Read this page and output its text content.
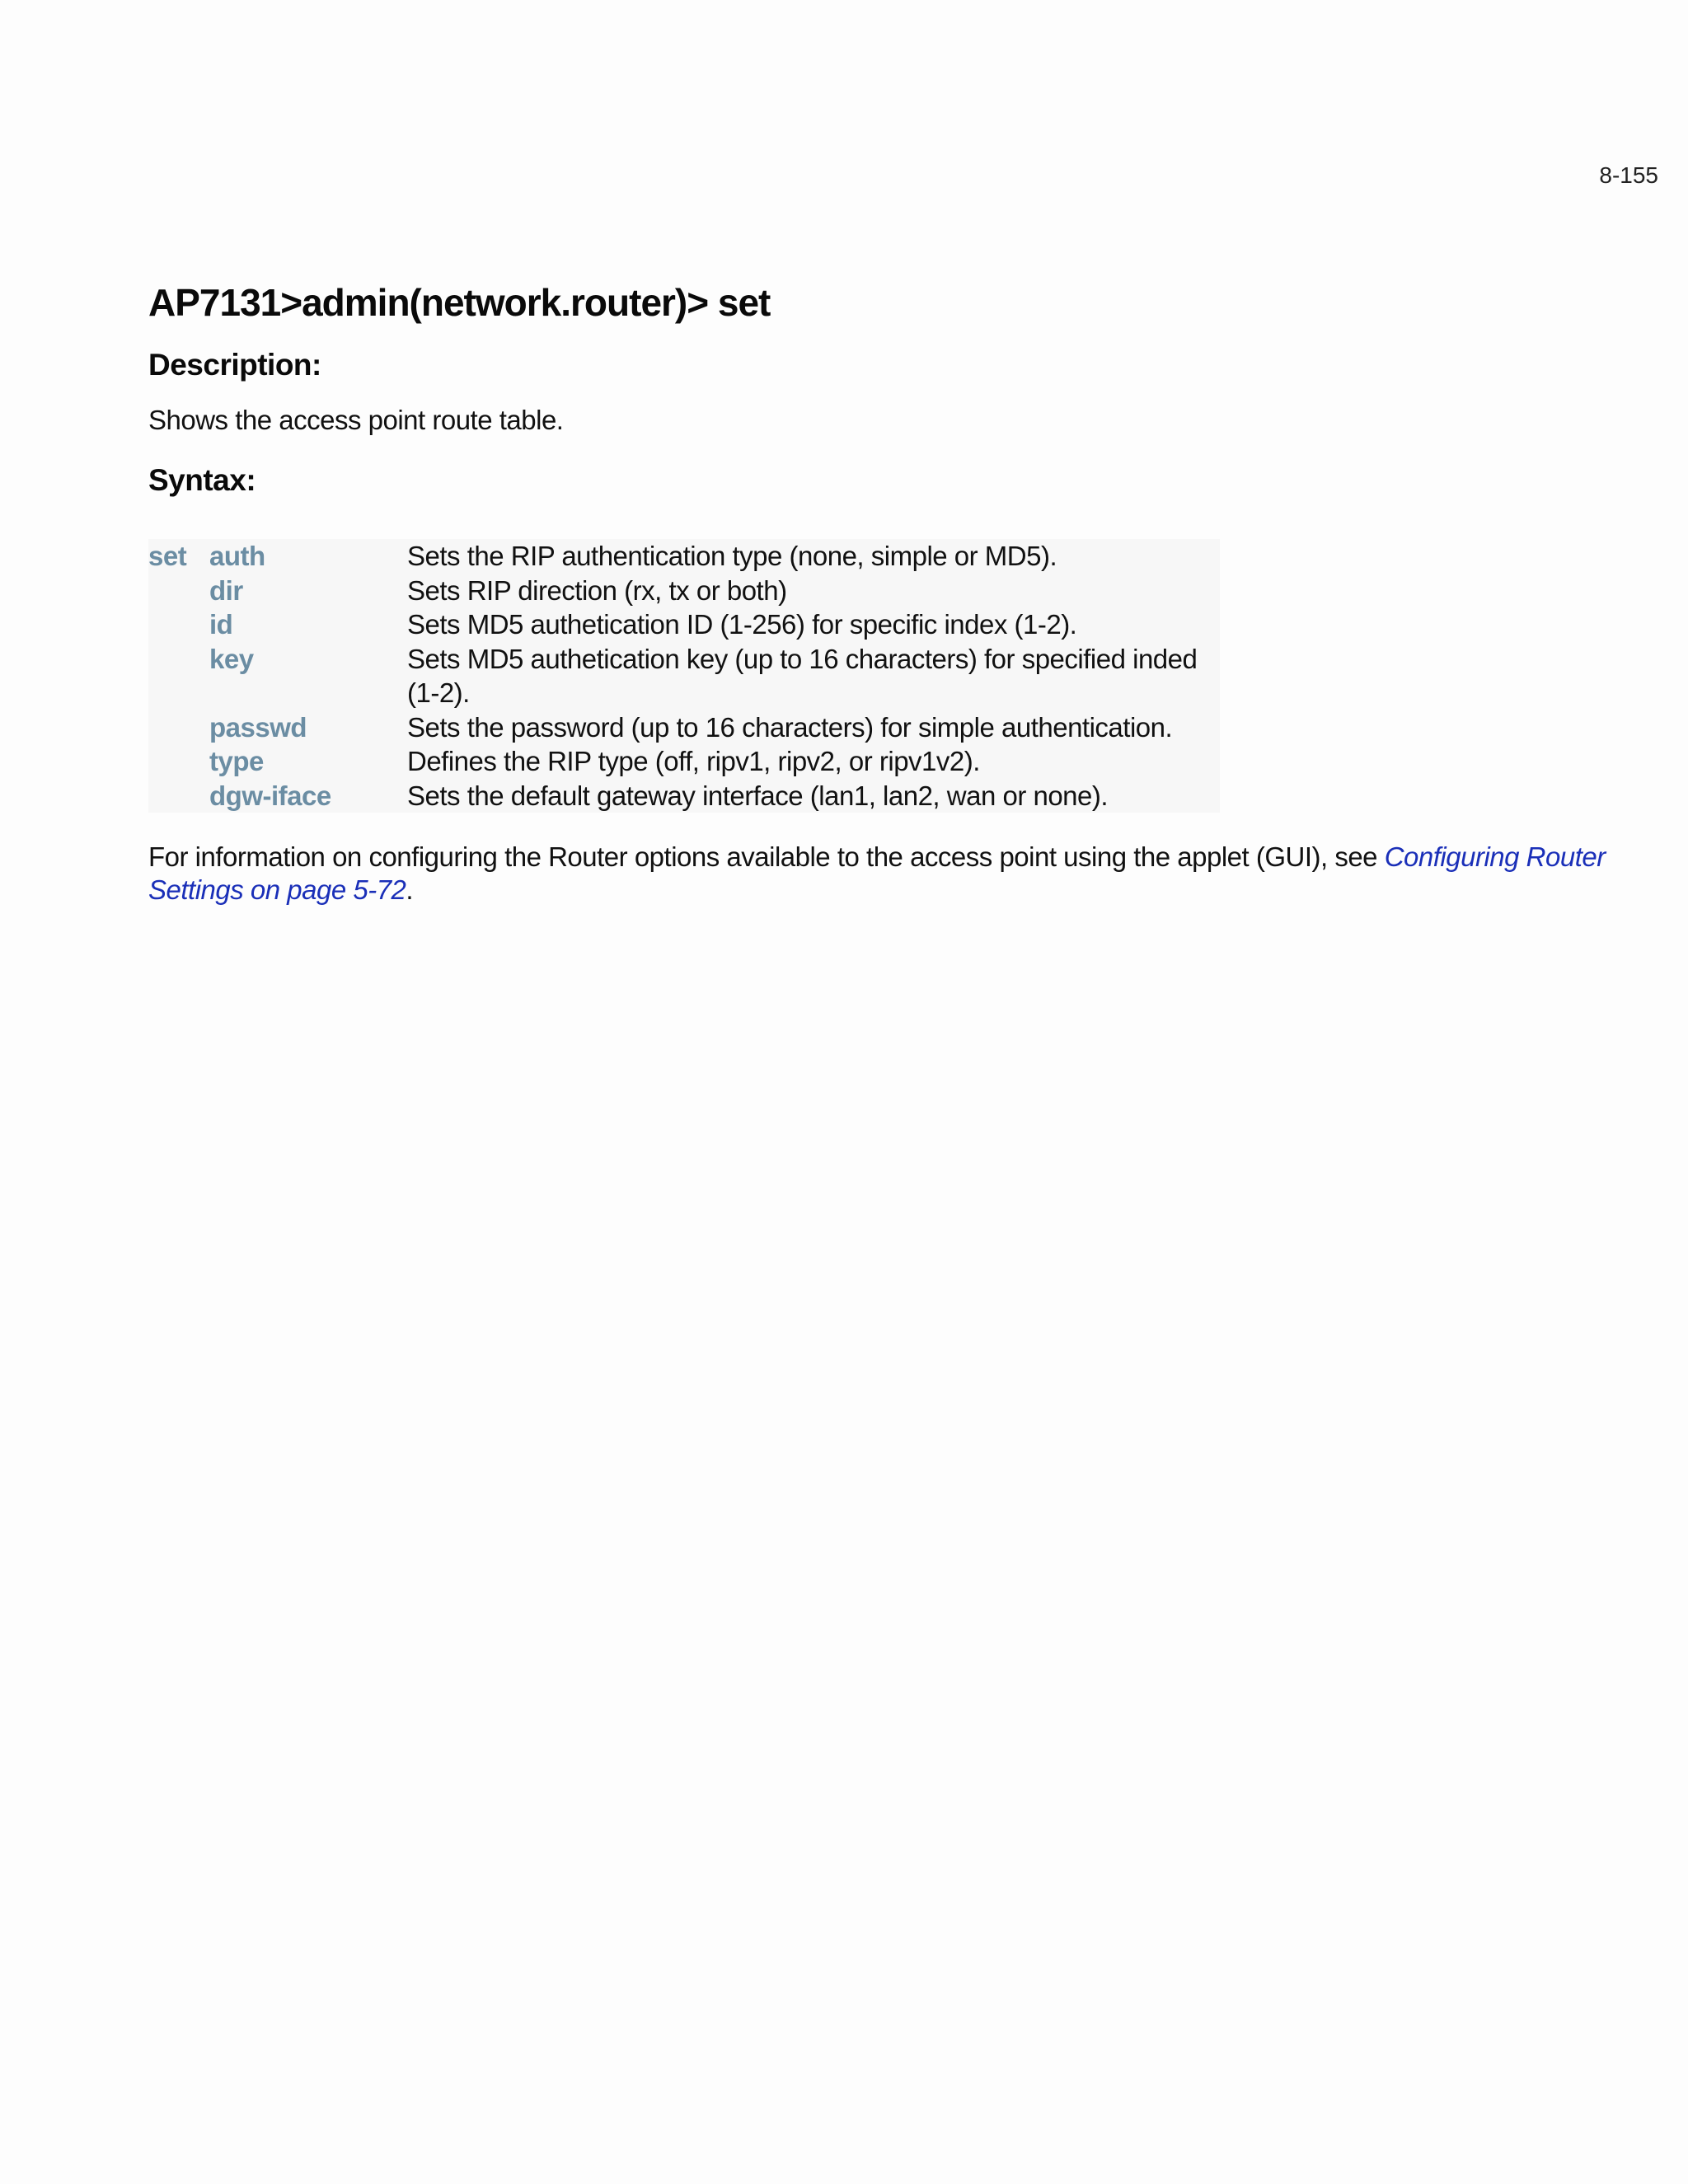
8-155
AP7131>admin(network.router)> set
Description:

Shows the access point route table.

Syntax:
set auth	Sets the RIP authentication type (none, simple or MD5).
dir	Sets RIP direction (rx, tx or both)
id	Sets MD5 authetication ID (1-256) for specific index (1-2).
key	Sets MD5 authetication key (up to 16 characters) for specified inded (1-2).
passwd	Sets the password (up to 16 characters) for simple authentication.
type	Defines the RIP type (off, ripv1, ripv2, or ripv1v2).
dgw-iface	Sets the default gateway interface (lan1, lan2, wan or none).

For information on configuring the Router options available to the access point using the applet (GUI), see Configuring Router Settings on page 5-72.
